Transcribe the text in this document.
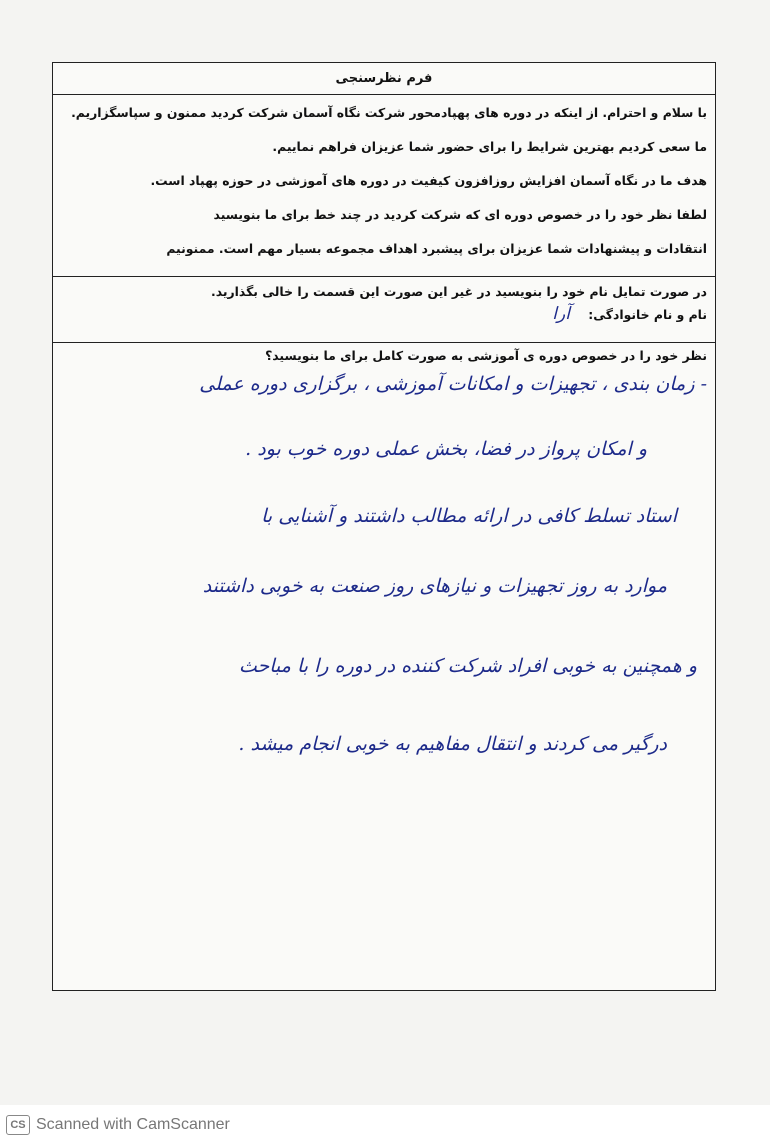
فرم نظرسنجی
با سلام و احترام. از اینکه در دوره های پهپادمحور شرکت نگاه آسمان شرکت کردید ممنون و سپاسگزاریم.
ما سعی کردیم بهترین شرایط را برای حضور شما عزیزان فراهم نماییم.
هدف ما در نگاه آسمان افزایش روزافزون کیفیت در دوره های آموزشی در حوزه پهپاد است.
لطفا نظر خود را در خصوص دوره ای که شرکت کردید در چند خط برای ما بنویسید
انتقادات و پیشنهادات شما عزیزان برای پیشبرد اهداف مجموعه بسیار مهم است. ممنونیم
در صورت تمایل نام خود را بنویسید در غیر این صورت این قسمت را خالی بگذارید.
نام و نام خانوادگی: آرا
نظر خود را در خصوص دوره ی آموزشی به صورت کامل برای ما بنویسید؟
- زمان بندی ، تجهیزات و امکانات آموزشی ، برگزاری دوره عملی
و امکان پرواز در فضا، بخش عملی دوره خوب بود .
استاد تسلط کافی در ارائه مطالب داشتند و آشنایی با
موارد به روز تجهیزات و نیازهای روز صنعت به خوبی داشتند
و همچنین به خوبی افراد شرکت کننده در دوره را با مباحث
درگیر می کردند و انتقال مفاهیم به خوبی انجام میشد .
CS Scanned with CamScanner
